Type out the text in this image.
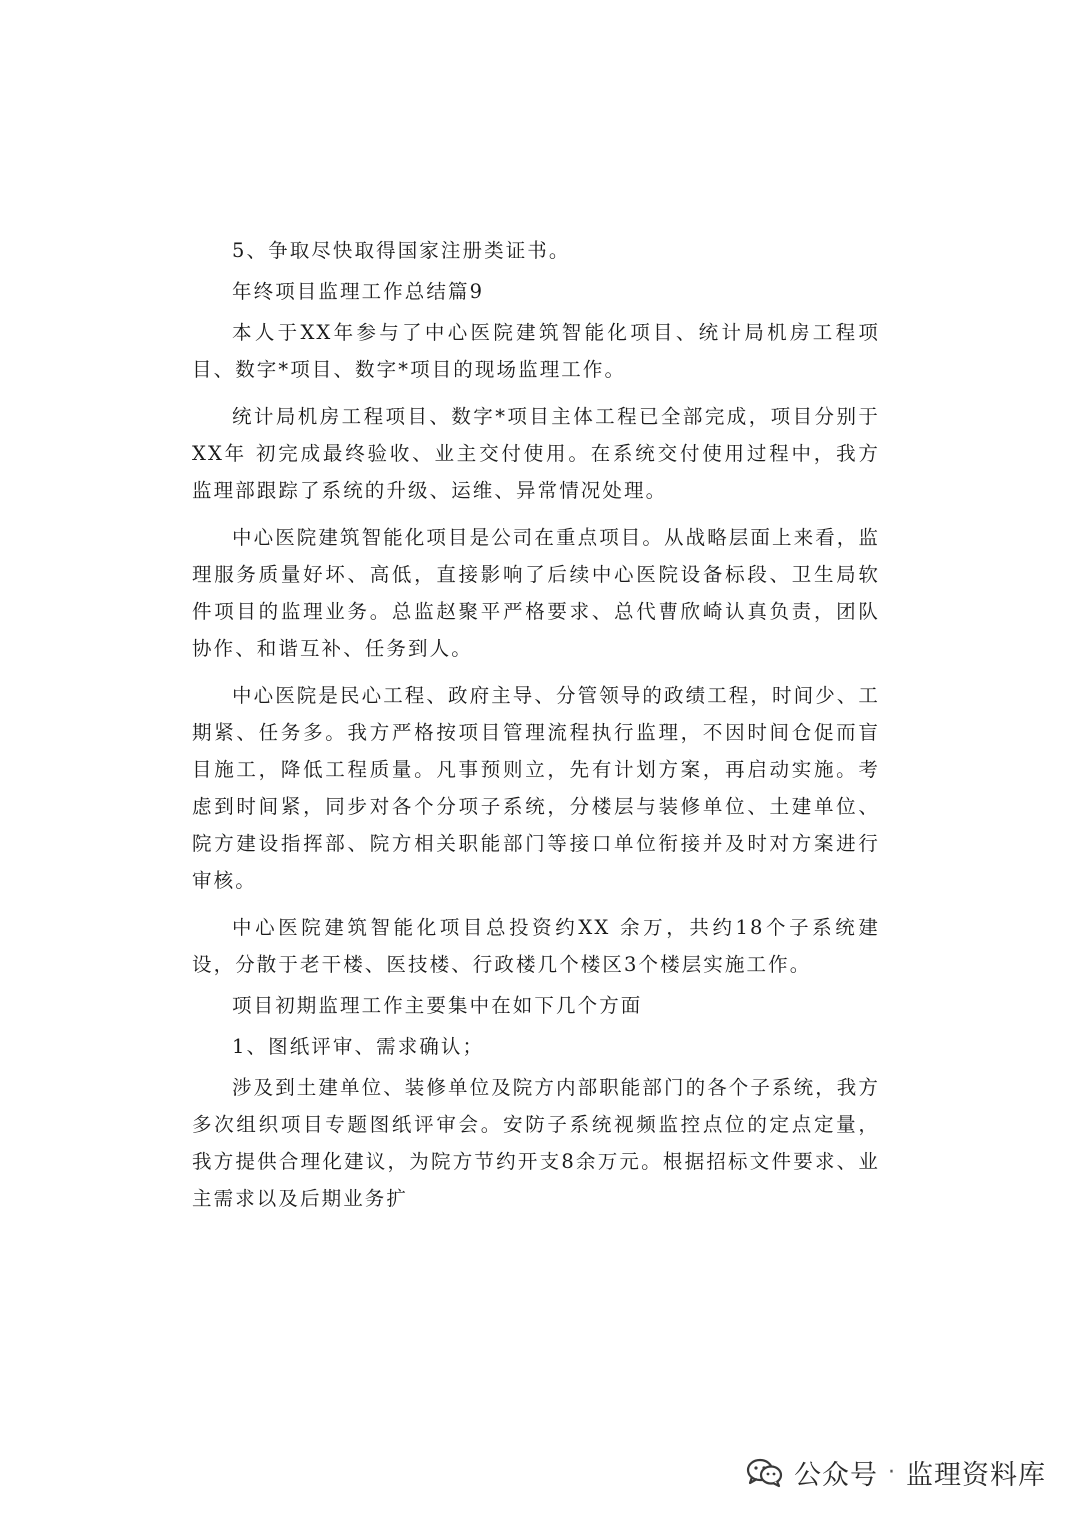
5、争取尽快取得国家注册类证书。

年终项目监理工作总结篇9

本人于XX年参与了中心医院建筑智能化项目、统计局机房工程项目、数字*项目、数字*项目的现场监理工作。

统计局机房工程项目、数字*项目主体工程已全部完成，项目分别于XX年 初完成最终验收、业主交付使用。在系统交付使用过程中，我方监理部跟踪了系统的升级、运维、异常情况处理。

中心医院建筑智能化项目是公司在重点项目。从战略层面上来看，监理服务质量好坏、高低，直接影响了后续中心医院设备标段、卫生局软件项目的监理业务。总监赵聚平严格要求、总代曹欣崎认真负责，团队协作、和谐互补、任务到人。

中心医院是民心工程、政府主导、分管领导的政绩工程，时间少、工期紧、任务多。我方严格按项目管理流程执行监理，不因时间仓促而盲目施工，降低工程质量。凡事预则立，先有计划方案，再启动实施。考虑到时间紧，同步对各个分项子系统，分楼层与装修单位、土建单位、院方建设指挥部、院方相关职能部门等接口单位衔接并及时对方案进行审核。

中心医院建筑智能化项目总投资约XX 余万，共约18个子系统建设，分散于老干楼、医技楼、行政楼几个楼区3个楼层实施工作。

项目初期监理工作主要集中在如下几个方面

1、图纸评审、需求确认；

涉及到土建单位、装修单位及院方内部职能部门的各个子系统，我方多次组织项目专题图纸评审会。安防子系统视频监控点位的定点定量，我方提供合理化建议，为院方节约开支8余万元。根据招标文件要求、业主需求以及后期业务扩

公众号 · 监理资料库
